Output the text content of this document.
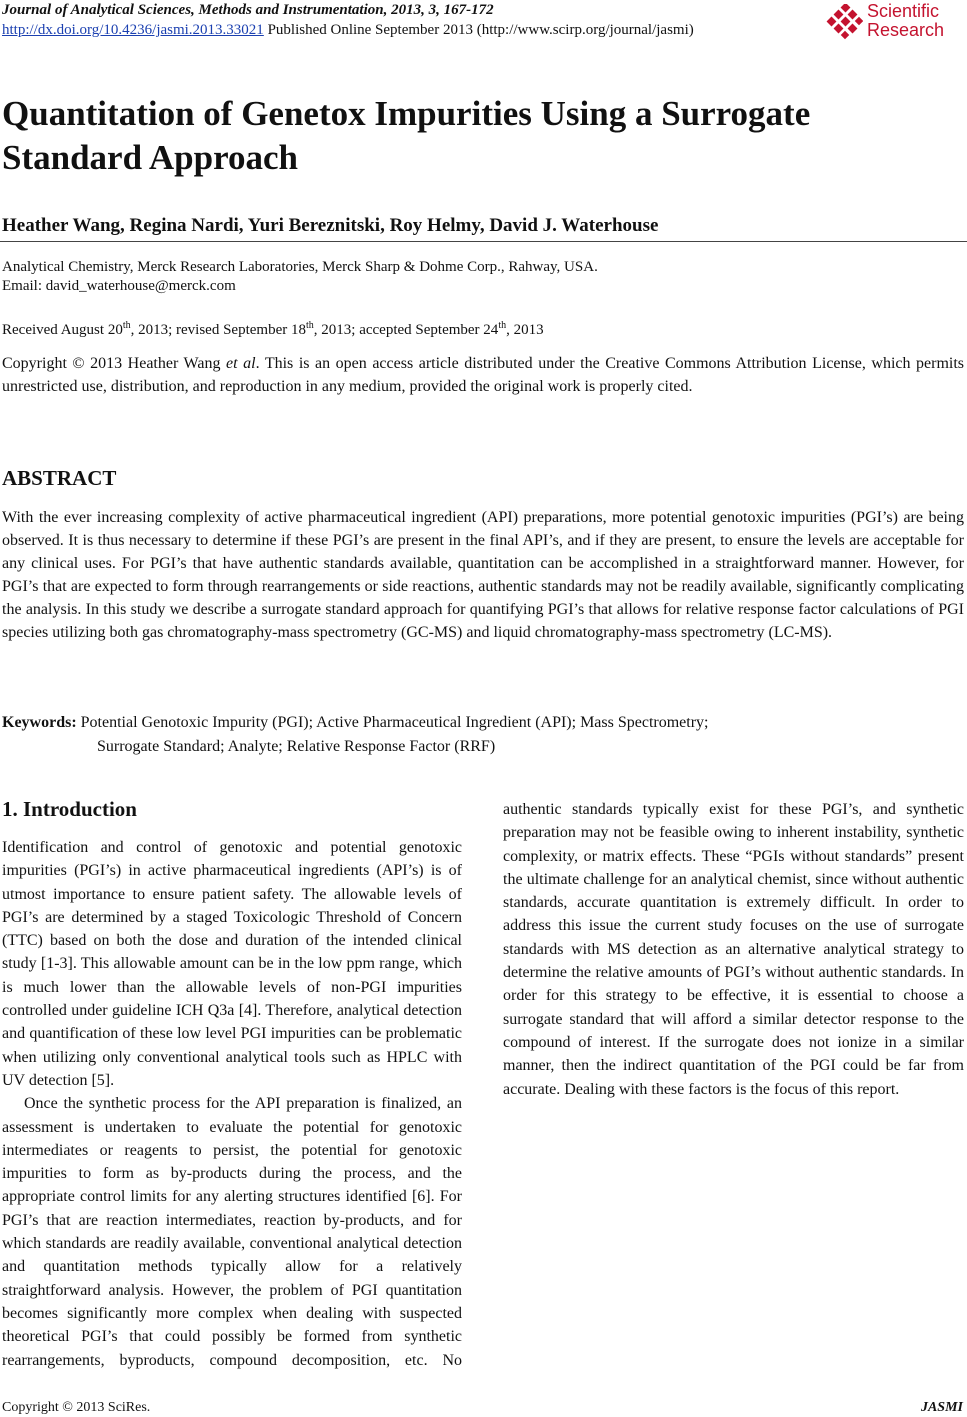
Journal of Analytical Sciences, Methods and Instrumentation, 2013, 3, 167-172
http://dx.doi.org/10.4236/jasmi.2013.33021 Published Online September 2013 (http://www.scirp.org/journal/jasmi)
Scientific
Research
Quantitation of Genetox Impurities Using a Surrogate Standard Approach
Heather Wang, Regina Nardi, Yuri Bereznitski, Roy Helmy, David J. Waterhouse
Analytical Chemistry, Merck Research Laboratories, Merck Sharp & Dohme Corp., Rahway, USA.
Email: david_waterhouse@merck.com
Received August 20th, 2013; revised September 18th, 2013; accepted September 24th, 2013
Copyright © 2013 Heather Wang et al. This is an open access article distributed under the Creative Commons Attribution License, which permits unrestricted use, distribution, and reproduction in any medium, provided the original work is properly cited.
ABSTRACT
With the ever increasing complexity of active pharmaceutical ingredient (API) preparations, more potential genotoxic impurities (PGI’s) are being observed. It is thus necessary to determine if these PGI’s are present in the final API’s, and if they are present, to ensure the levels are acceptable for any clinical uses. For PGI’s that have authentic standards available, quantitation can be accomplished in a straightforward manner. However, for PGI’s that are expected to form through rearrangements or side reactions, authentic standards may not be readily available, significantly complicating the analysis. In this study we describe a surrogate standard approach for quantifying PGI’s that allows for relative response factor calculations of PGI species utilizing both gas chromatography-mass spectrometry (GC-MS) and liquid chromatography-mass spectrometry (LC-MS).
Keywords: Potential Genotoxic Impurity (PGI); Active Pharmaceutical Ingredient (API); Mass Spectrometry;
Surrogate Standard; Analyte; Relative Response Factor (RRF)
1. Introduction

Identification and control of genotoxic and potential genotoxic impurities (PGI’s) in active pharmaceutical ingredients (API’s) is of utmost importance to ensure patient safety. The allowable levels of PGI’s are determined by a staged Toxicologic Threshold of Concern (TTC) based on both the dose and duration of the intended clinical study [1-3]. This allowable amount can be in the low ppm range, which is much lower than the allowable levels of non-PGI impurities controlled under guideline ICH Q3a [4]. Therefore, analytical detection and quantification of these low level PGI impurities can be problematic when utilizing only conventional analytical tools such as HPLC with UV detection [5].

Once the synthetic process for the API preparation is finalized, an assessment is undertaken to evaluate the potential for genotoxic intermediates or reagents to persist, the potential for genotoxic impurities to form as by-products during the process, and the appropriate control limits for any alerting structures identified [6]. For PGI’s that are reaction intermediates, reaction by-products, and for which standards are readily available, conventional analytical detection and quantitation methods typically allow for a relatively straightforward analysis. However, the problem of PGI quantitation becomes significantly more complex when dealing with suspected theoretical PGI’s that could possibly be formed from synthetic rearrangements, byproducts, compound decomposition, etc. No

authentic standards typically exist for these PGI’s, and synthetic preparation may not be feasible owing to inherent instability, synthetic complexity, or matrix effects. These “PGIs without standards” present the ultimate challenge for an analytical chemist, since without authentic standards, accurate quantitation is extremely difficult. In order to address this issue the current study focuses on the use of surrogate standards with MS detection as an alternative analytical strategy to determine the relative amounts of PGI’s without authentic standards. In order for this strategy to be effective, it is essential to choose a surrogate standard that will afford a similar detector response to the compound of interest. If the surrogate does not ionize in a similar manner, then the indirect quantitation of the PGI could be far from accurate. Dealing with these factors is the focus of this report.

Copyright © 2013 SciRes.	JASMI
